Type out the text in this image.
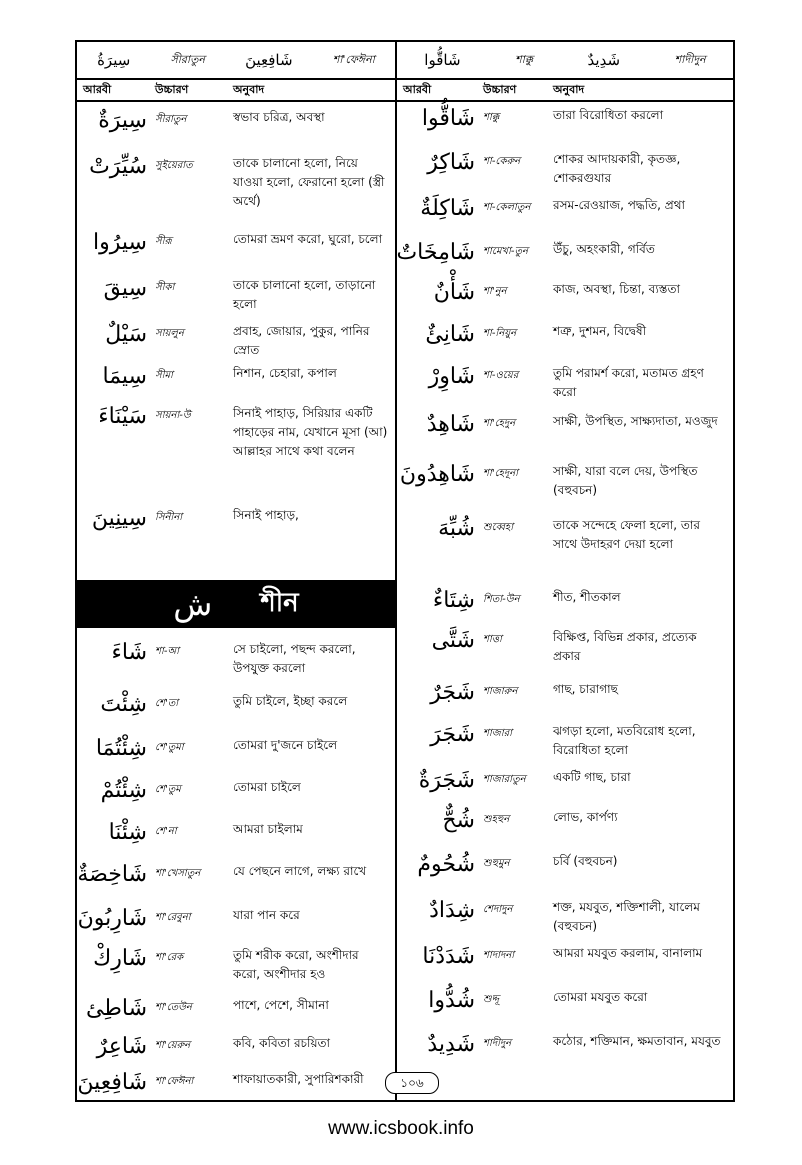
سِيرَةُ	সীরাতুন	شَافِعِينَ	শা'ফেঈনা
আরবী	উচ্চারণ	অনুবাদ
سِيرَةٌ সীরাতুন	স্বভাব চরিত্র, অবস্থা
سُيِّرَتْ সুইয়েরাত	তাকে চালানো হলো, নিয়ে যাওয়া হলো, ফেরানো হলো (স্ত্রী অর্থে)
سِيرُوا সীরূ	তোমরা ভ্রমণ করো, ঘুরো, চলো
سِيقَ সীকা	তাকে চালানো হলো, তাড়ানো হলো
سَيْلٌ সায়লুন	প্রবাহ, জোয়ার, পুকুর, পানির স্রোত
سِيمَا সীমা	নিশান, চেহারা, কপাল
سَيْنَاءَ সায়না-উ	সিনাই পাহাড়, সিরিয়ার একটি পাহাড়ের নাম, যেখানে মূসা (আ) আল্লাহর সাথে কথা বলেন
سِينِينَ সিনীনা	সিনাই পাহাড়,
ش শীন
شَاءَ শা-আ	সে চাইলো, পছন্দ করলো, উপযুক্ত করলো
شِئْتَ শে'তা	তুমি চাইলে, ইচ্ছা করলে
شِئْتُمَا শে'তুমা	তোমরা দু'জনে চাইলে
شِئْتُمْ শে'তুম	তোমরা চাইলে
شِئْنَا শে'না	আমরা চাইলাম
شَاخِصَةٌ শা'খেসাতুন	যে পেছনে লাগে, লক্ষ্য রাখে
شَارِبُونَ শা'রেবুনা	যারা পান করে
شَارِكْ শা'রেক	তুমি শরীক করো, অংশীদার করো, অংশীদার হও
شَاطِئ শা'তেউন	পাশে, পেশে, সীমানা
شَاعِرٌ শা'য়েরুন	কবি, কবিতা রচয়িতা
شَافِعِينَ শা'ফেঈনা	শাফায়াতকারী, সুপারিশকারী
شَاقُّوا	শাক্কু	شَدِيدٌ	শাদীদুন
আরবী	উচ্চারণ	অনুবাদ
شَاقُّوا শাক্কু	তারা বিরোধিতা করলো
شَاكِرٌ শা-কেরুন	শোকর আদায়কারী, কৃতজ্ঞ, শোকরগুযার
شَاكِلَةٌ শা-কেলাতুন	রসম-রেওয়াজ, পদ্ধতি, প্রথা
شَامِخَاتٌ শামেখা-তুন	উঁচু, অহংকারী, গর্বিত
شَأْنٌ শা'নুন	কাজ, অবস্থা, চিন্তা, ব্যস্ততা
شَانِئٌ শা-নিয়ুন	শত্রু, দুশমন, বিদ্বেষী
شَاوِرْ শা-ওয়ের	তুমি পরামর্শ করো, মতামত গ্রহণ করো
شَاهِدٌ শা'হেদুন	সাক্ষী, উপস্থিত, সাক্ষ্যদাতা, মওজুদ
شَاهِدُونَ শা'হেদূনা	সাক্ষী, যারা বলে দেয়, উপস্থিত (বহুবচন)
شُبِّهَ শুব্বেহা	তাকে সন্দেহে ফেলা হলো, তার সাথে উদাহরণ দেয়া হলো
شِتَاءٌ শিতা-উন	শীত, শীতকাল
شَتَّى শাত্তা	বিক্ষিপ্ত, বিভিন্ন প্রকার, প্রত্যেক প্রকার
شَجَرٌ শাজারুন	গাছ, চারাগাছ
شَجَرَ শাজারা	ঝগড়া হলো, মতবিরোধ হলো, বিরোধিতা হলো
شَجَرَةٌ শাজারাতুন	একটি গাছ, চারা
شُحٌّ শুহহুন	লোভ, কার্পণ্য
شُحُومٌ শুহুমুন	চর্বি (বহুবচন)
شِدَادٌ শেদাদুন	শক্ত, মযবুত, শক্তিশালী, যালেম (বহুবচন)
شَدَدْنَا শাদাদনা	আমরা মযবুত করলাম, বানালাম
شُدُّوا শুদ্দূ	তোমরা মযবুত করো
شَدِيدٌ শাদীদুন	কঠোর, শক্তিমান, ক্ষমতাবান, মযবুত
১০৬
www.icsbook.info
